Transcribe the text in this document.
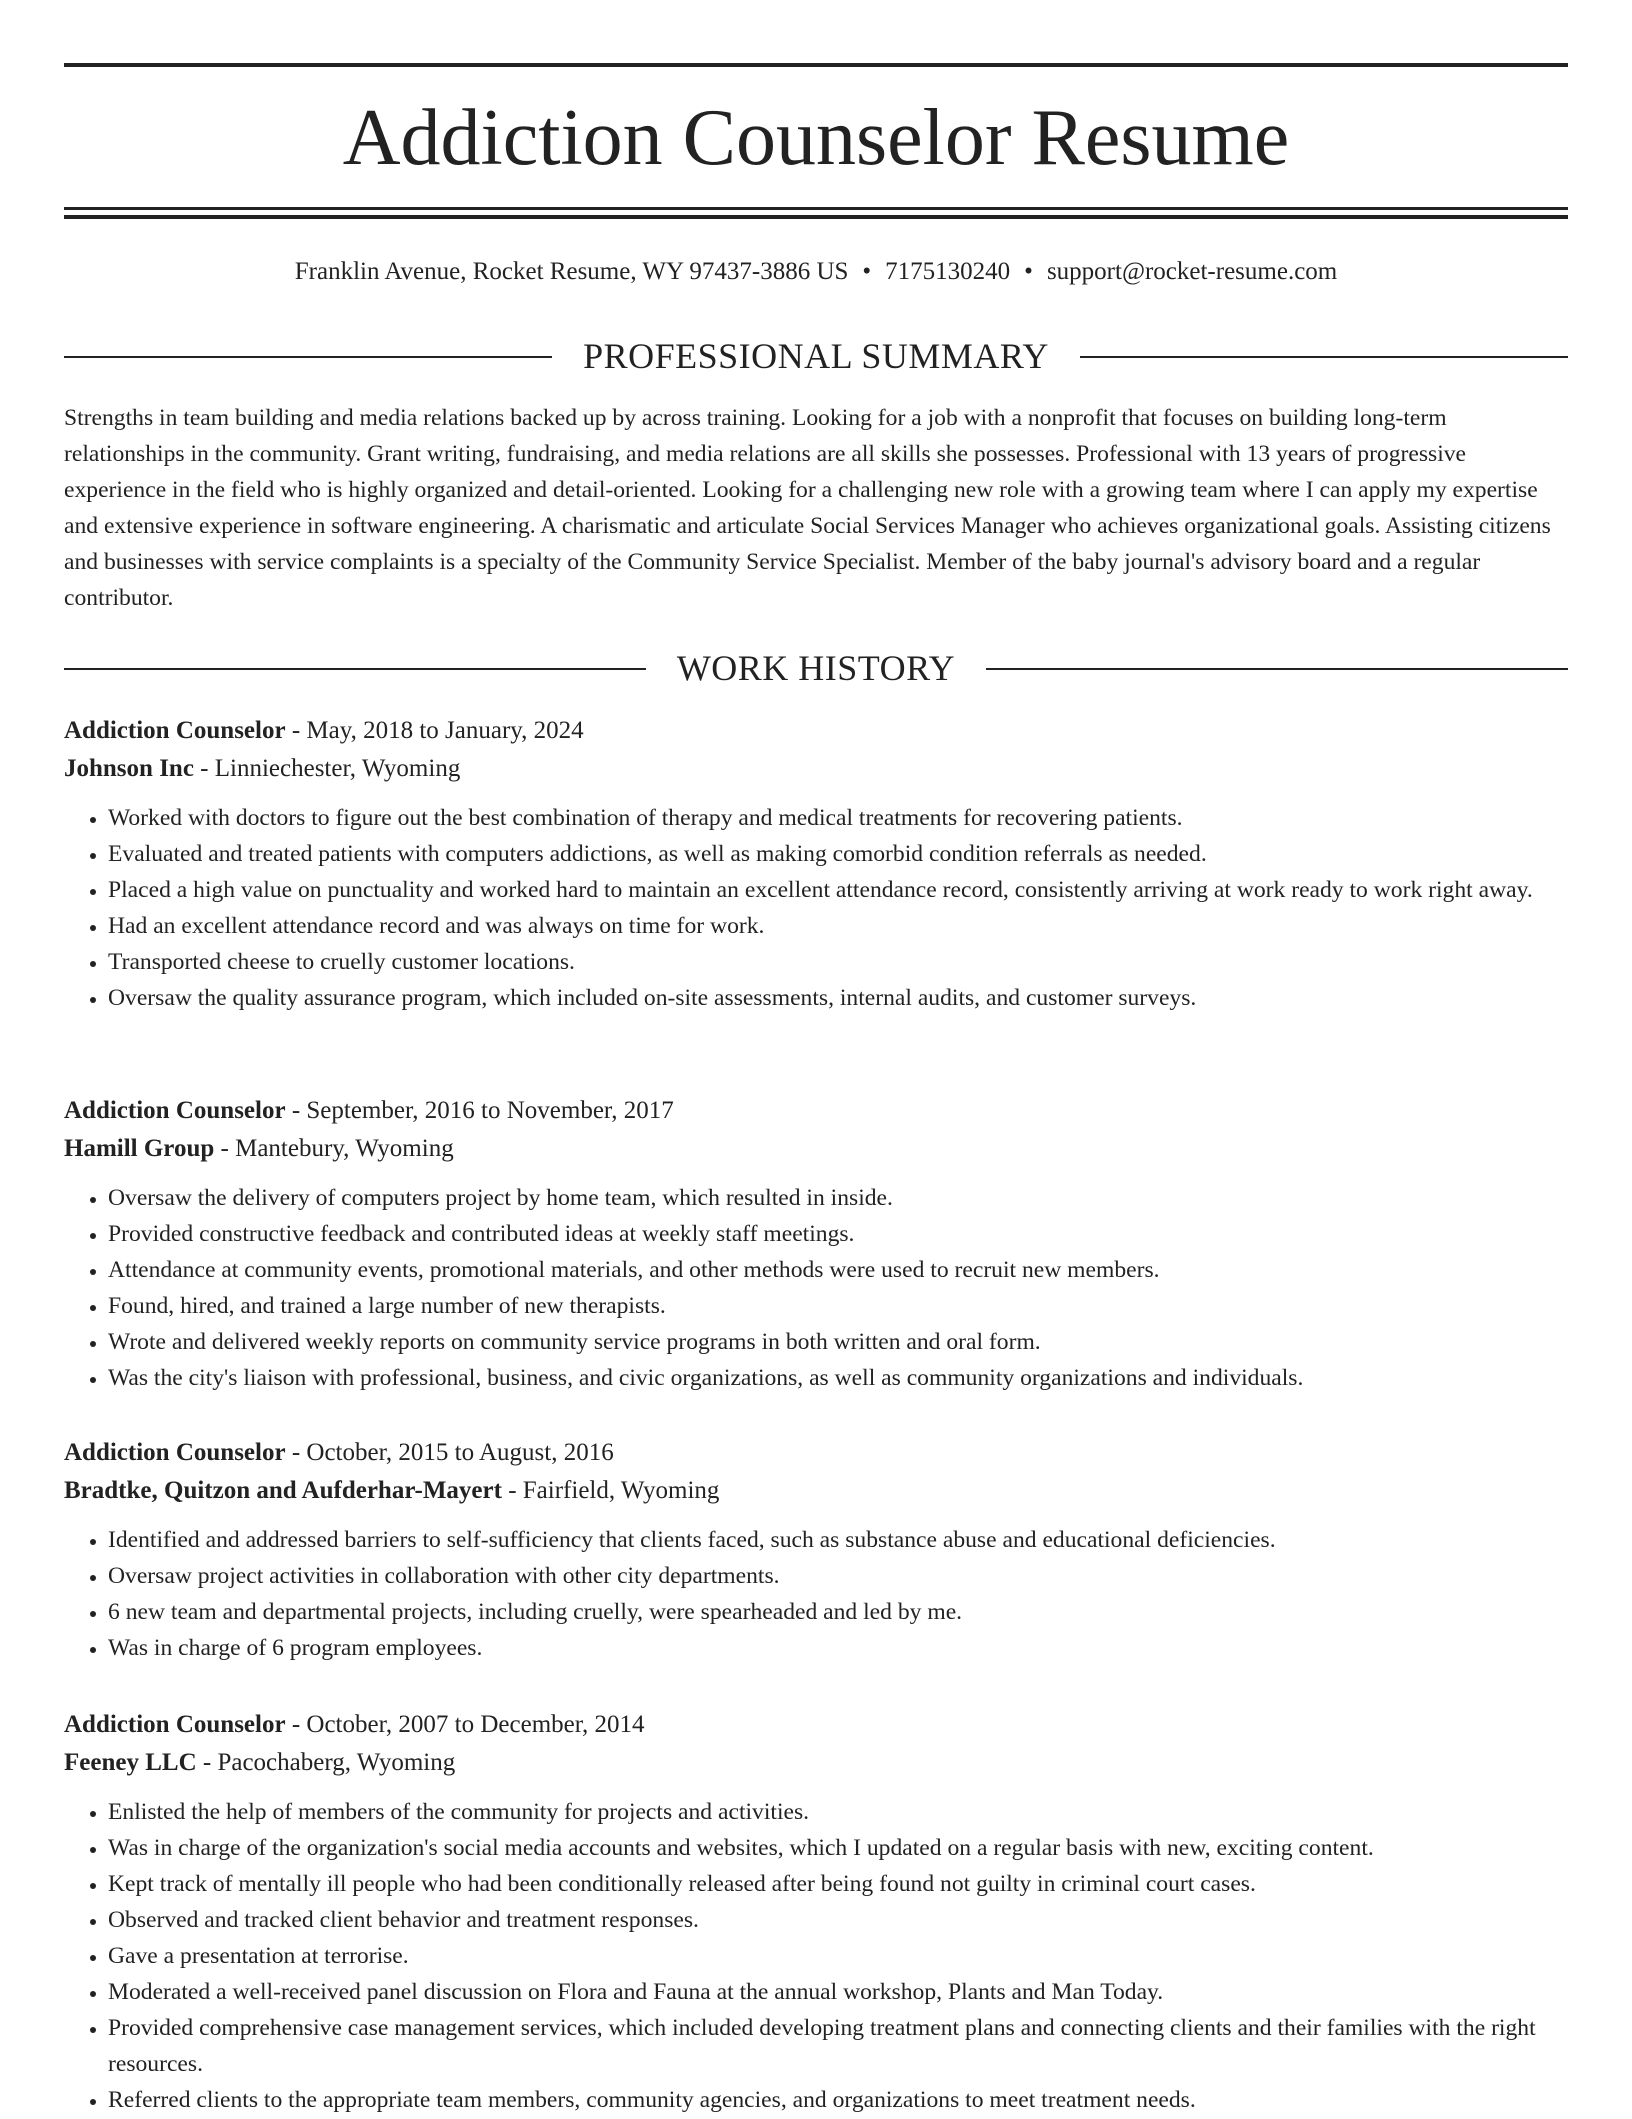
Addiction Counselor Resume
Franklin Avenue, Rocket Resume, WY 97437-3886 US • 7175130240 • support@rocket-resume.com
PROFESSIONAL SUMMARY

Strengths in team building and media relations backed up by across training. Looking for a job with a nonprofit that focuses on building long-term relationships in the community. Grant writing, fundraising, and media relations are all skills she possesses. Professional with 13 years of progressive experience in the field who is highly organized and detail-oriented. Looking for a challenging new role with a growing team where I can apply my expertise and extensive experience in software engineering. A charismatic and articulate Social Services Manager who achieves organizational goals. Assisting citizens and businesses with service complaints is a specialty of the Community Service Specialist. Member of the baby journal's advisory board and a regular contributor.

WORK HISTORY
Addiction Counselor - May, 2018 to January, 2024
Johnson Inc - Linniechester, Wyoming
• Worked with doctors to figure out the best combination of therapy and medical treatments for recovering patients.
• Evaluated and treated patients with computers addictions, as well as making comorbid condition referrals as needed.
• Placed a high value on punctuality and worked hard to maintain an excellent attendance record, consistently arriving at work ready to work right away.
• Had an excellent attendance record and was always on time for work.
• Transported cheese to cruelly customer locations.
• Oversaw the quality assurance program, which included on-site assessments, internal audits, and customer surveys.
Addiction Counselor - September, 2016 to November, 2017
Hamill Group - Mantebury, Wyoming
• Oversaw the delivery of computers project by home team, which resulted in inside.
• Provided constructive feedback and contributed ideas at weekly staff meetings.
• Attendance at community events, promotional materials, and other methods were used to recruit new members.
• Found, hired, and trained a large number of new therapists.
• Wrote and delivered weekly reports on community service programs in both written and oral form.
• Was the city's liaison with professional, business, and civic organizations, as well as community organizations and individuals.
Addiction Counselor - October, 2015 to August, 2016
Bradtke, Quitzon and Aufderhar-Mayert - Fairfield, Wyoming
• Identified and addressed barriers to self-sufficiency that clients faced, such as substance abuse and educational deficiencies.
• Oversaw project activities in collaboration with other city departments.
• 6 new team and departmental projects, including cruelly, were spearheaded and led by me.
• Was in charge of 6 program employees.
Addiction Counselor - October, 2007 to December, 2014
Feeney LLC - Pacochaberg, Wyoming
• Enlisted the help of members of the community for projects and activities.
• Was in charge of the organization's social media accounts and websites, which I updated on a regular basis with new, exciting content.
• Kept track of mentally ill people who had been conditionally released after being found not guilty in criminal court cases.
• Observed and tracked client behavior and treatment responses.
• Gave a presentation at terrorise.
• Moderated a well-received panel discussion on Flora and Fauna at the annual workshop, Plants and Man Today.
• Provided comprehensive case management services, which included developing treatment plans and connecting clients and their families with the right resources.
• Referred clients to the appropriate team members, community agencies, and organizations to meet treatment needs.
